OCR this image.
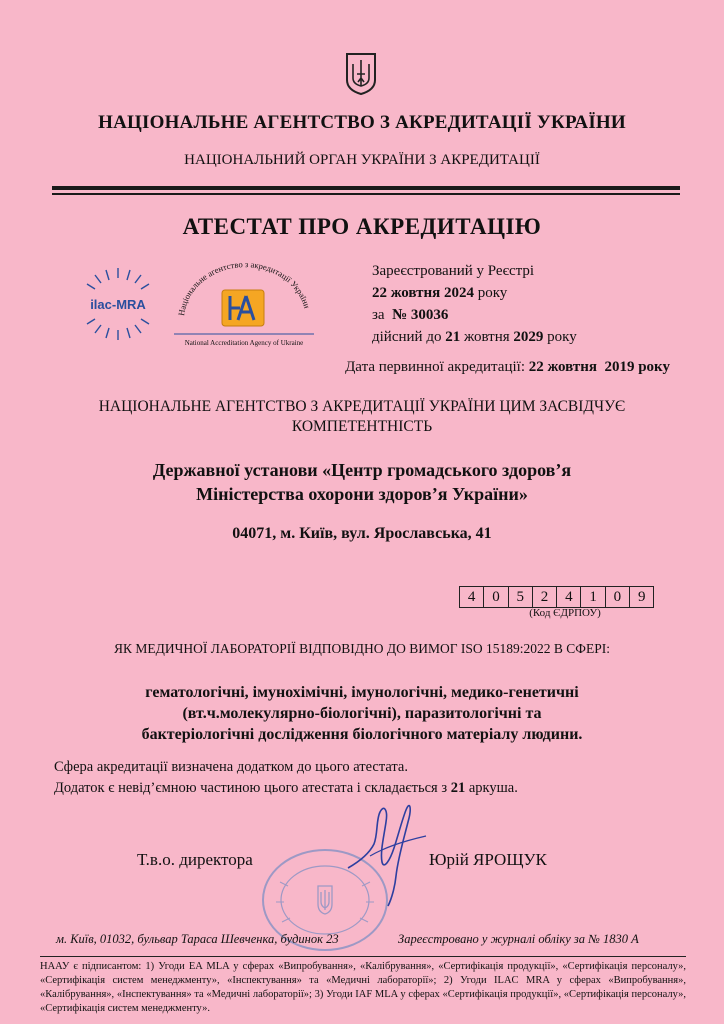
НАЦІОНАЛЬНЕ АГЕНТСТВО З АКРЕДИТАЦІЇ УКРАЇНИ
НАЦІОНАЛЬНИЙ ОРГАН УКРАЇНИ З АКРЕДИТАЦІЇ
АТЕСТАТ ПРО АКРЕДИТАЦІЮ
ilac-MRA
Національне агентство з акредитації України
National Accreditation Agency of Ukraine
Зареєстрований у Реєстрі
22 жовтня 2024 року
за  № 30036
дійсний до 21 жовтня 2029 року
Дата первинної акредитації: 22 жовтня  2019 року
НАЦІОНАЛЬНЕ АГЕНТСТВО З АКРЕДИТАЦІЇ УКРАЇНИ ЦИМ ЗАСВІДЧУЄ
КОМПЕТЕНТНІСТЬ
Державної установи «Центр громадського здоров’я
Міністерства охорони здоров’я України»
04071, м. Київ, вул. Ярославська, 41
4	0	5	2	4	1	0	9
(Код ЄДРПОУ)
ЯК МЕДИЧНОЇ ЛАБОРАТОРІЇ ВІДПОВІДНО ДО ВИМОГ ISO 15189:2022 В СФЕРІ:
гематологічні, імунохімічні, імунологічні, медико-генетичні
(вт.ч.молекулярно-біологічні), паразитологічні та
бактеріологічні дослідження біологічного матеріалу людини.
Сфера акредитації визначена додатком до цього атестата.
Додаток є невід’ємною частиною цього атестата і складається з 21 аркуша.
Т.в.о. директора	Юрій ЯРОЩУК
м. Київ, 01032, бульвар Тараса Шевченка, будинок 23	Зареєстровано у журналі обліку за № 1830 А
НААУ є підписантом: 1) Угоди EA MLA у сферах «Випробування», «Калібрування», «Сертифікація продукції», «Сертифікація персоналу», «Сертифікація систем менеджменту», «Інспектування» та «Медичні лабораторії»; 2) Угоди ILAC MRA у сферах «Випробування», «Калібрування», «Інспектування» та «Медичні лабораторії»; 3) Угоди IAF MLA у сферах «Сертифікація продукції», «Сертифікація персоналу», «Сертифікація систем менеджменту».
